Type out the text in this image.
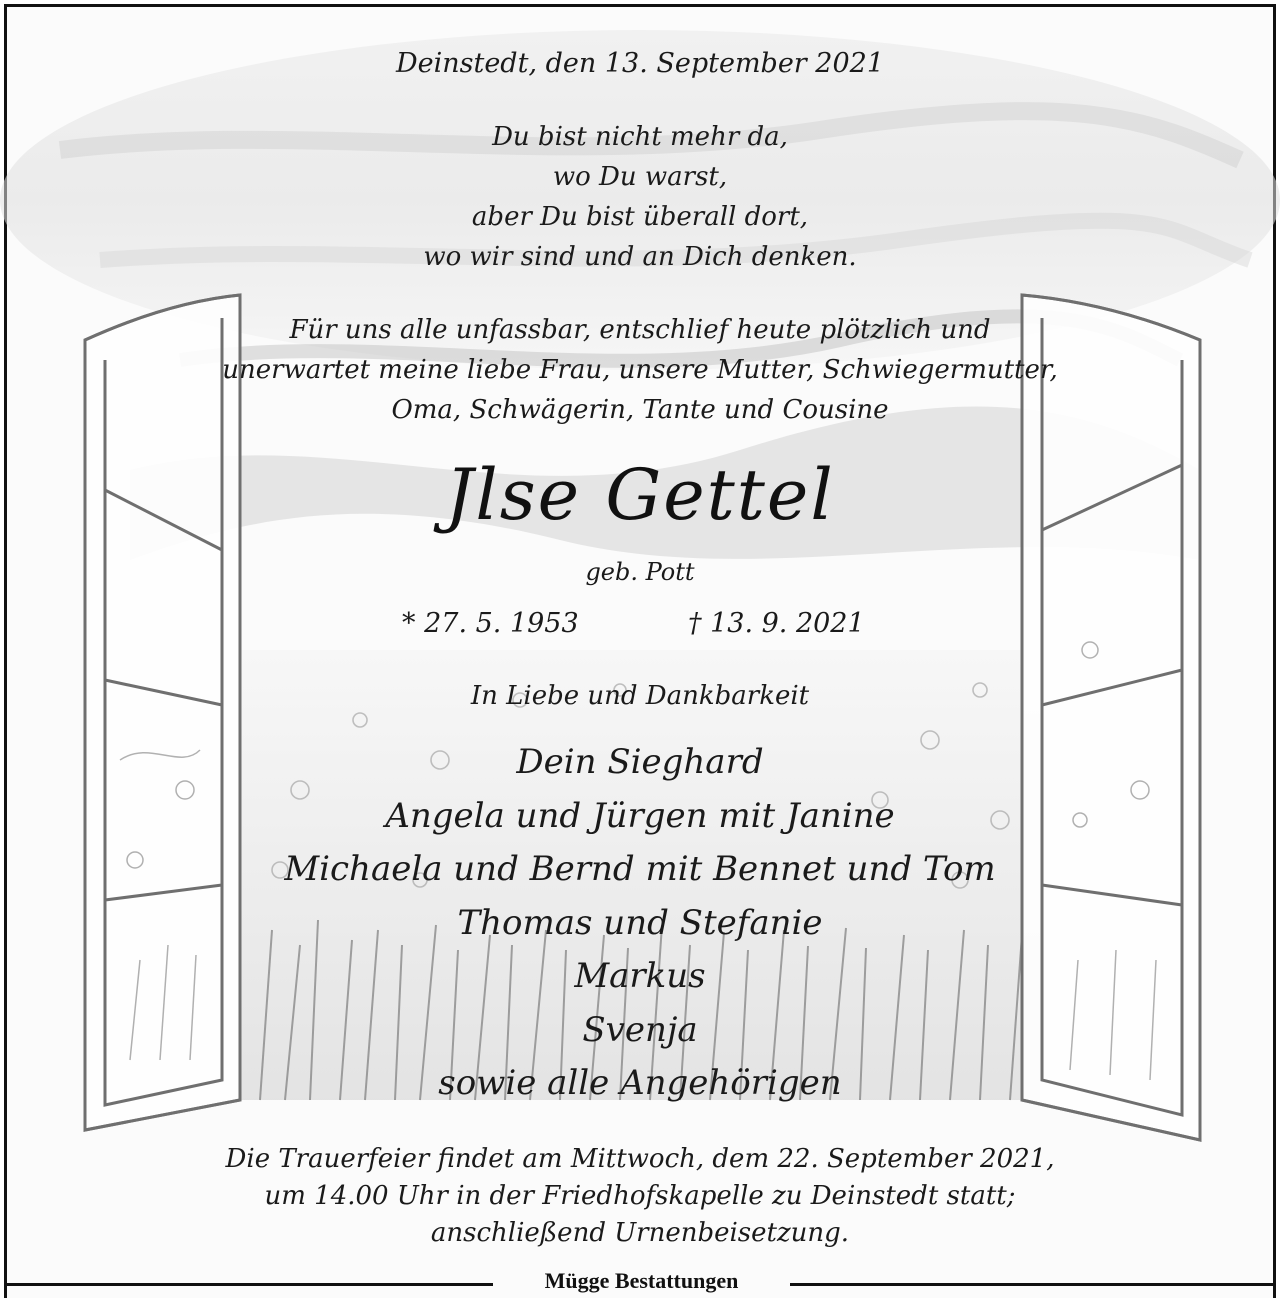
Deinstedt, den 13. September 2021
Du bist nicht mehr da,
wo Du warst,
aber Du bist überall dort,
wo wir sind und an Dich denken.
Für uns alle unfassbar, entschlief heute plötzlich und
unerwartet meine liebe Frau, unsere Mutter, Schwiegermutter,
Oma, Schwägerin, Tante und Cousine
Jlse Gettel
geb. Pott
* 27. 5. 1953	† 13. 9. 2021
In Liebe und Dankbarkeit
Dein Sieghard
Angela und Jürgen mit Janine
Michaela und Bernd mit Bennet und Tom
Thomas und Stefanie
Markus
Svenja
sowie alle Angehörigen
Die Trauerfeier findet am Mittwoch, dem 22. September 2021,
um 14.00 Uhr in der Friedhofskapelle zu Deinstedt statt;
anschließend Urnenbeisetzung.
Mügge Bestattungen
